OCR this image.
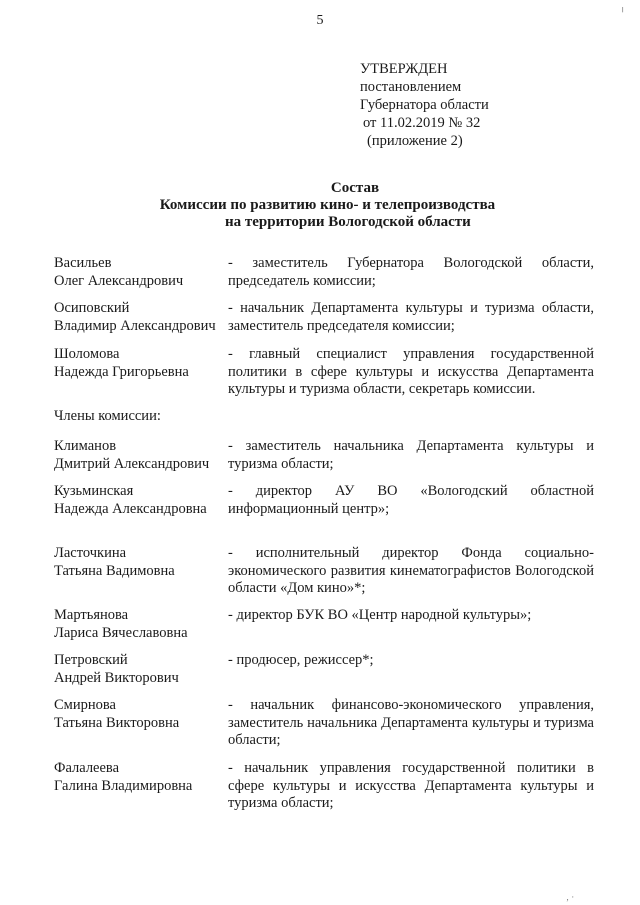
5
УТВЕРЖДЕН
постановлением
Губернатора области
от 11.02.2019 № 32
(приложение 2)
Состав
Комиссии по развитию кино- и телепроизводства
на территории Вологодской области
Васильев
Олег Александрович
- заместитель Губернатора Вологодской области, председатель комиссии;
Осиповский
Владимир Александрович
- начальник Департамента культуры и туризма области, заместитель председателя комиссии;
Шоломова
Надежда Григорьевна
- главный специалист управления государственной политики в сфере культуры и искусства Департамента культуры и туризма области, секретарь комиссии.
Члены комиссии:
Климанов
Дмитрий Александрович
- заместитель начальника Департамента культуры и туризма области;
Кузьминская
Надежда Александровна
- директор АУ ВО «Вологодский областной информационный центр»;
Ласточкина
Татьяна Вадимовна
- исполнительный директор Фонда социально-экономического развития кинематографистов Вологодской области «Дом кино»*;
Мартьянова
Лариса Вячеславовна
- директор БУК ВО «Центр народной культуры»;
Петровский
Андрей Викторович
- продюсер, режиссер*;
Смирнова
Татьяна Викторовна
- начальник финансово-экономического управления, заместитель начальника Департамента культуры и туризма области;
Фалалеева
Галина Владимировна
- начальник управления государственной политики в сфере культуры и искусства Департамента культуры и туризма области;
╷
‚ ·
